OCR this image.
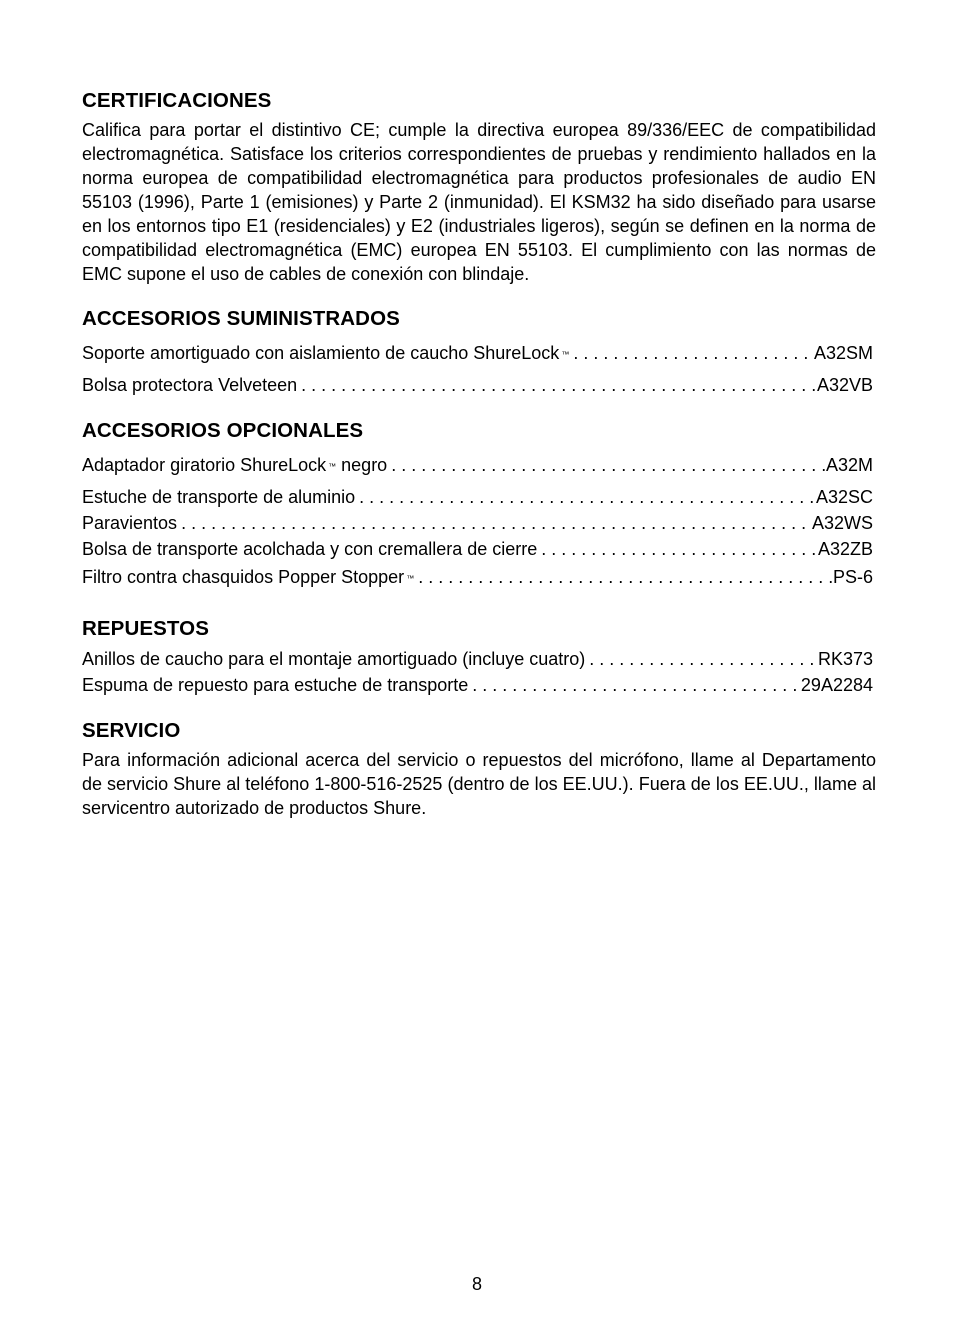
CERTIFICACIONES

Califica para portar el distintivo CE; cumple la directiva europea 89/336/EEC de compatibilidad electromagnética. Satisface los criterios correspondientes de pruebas y rendimiento hallados en la norma europea de compatibilidad electromagnética para productos profesionales de audio EN 55103 (1996), Parte 1 (emisiones) y Parte 2 (inmunidad). El KSM32 ha sido diseñado para usarse en los entornos tipo E1 (residenciales) y E2 (industriales ligeros), según se definen en la norma de compatibilidad electromagnética (EMC) europea EN 55103. El cumplimiento con las normas de EMC supone el uso de cables de conexión con blindaje.

ACCESORIOS SUMINISTRADOS
Soporte amortiguado con aislamiento de caucho ShureLock ™ . . .	A32SM
Bolsa protectora Velveteen . . .	A32VB
ACCESORIOS OPCIONALES
Adaptador giratorio ShureLock ™ negro . . .	A32M
Estuche de transporte de aluminio . . .	A32SC
Paravientos . . .	A32WS
Bolsa de transporte acolchada y con cremallera de cierre . . .	A32ZB
Filtro contra chasquidos Popper Stopper ™ . . .	PS-6
REPUESTOS
Anillos de caucho para el montaje amortiguado (incluye cuatro) . . .	RK373
Espuma de repuesto para estuche de transporte . . .	29A2284
SERVICIO

Para información adicional acerca del servicio o repuestos del micrófono, llame al Departamento de servicio Shure al teléfono 1-800-516-2525 (dentro de los EE.UU.). Fuera de los EE.UU., llame al servicentro autorizado de productos Shure.

8
